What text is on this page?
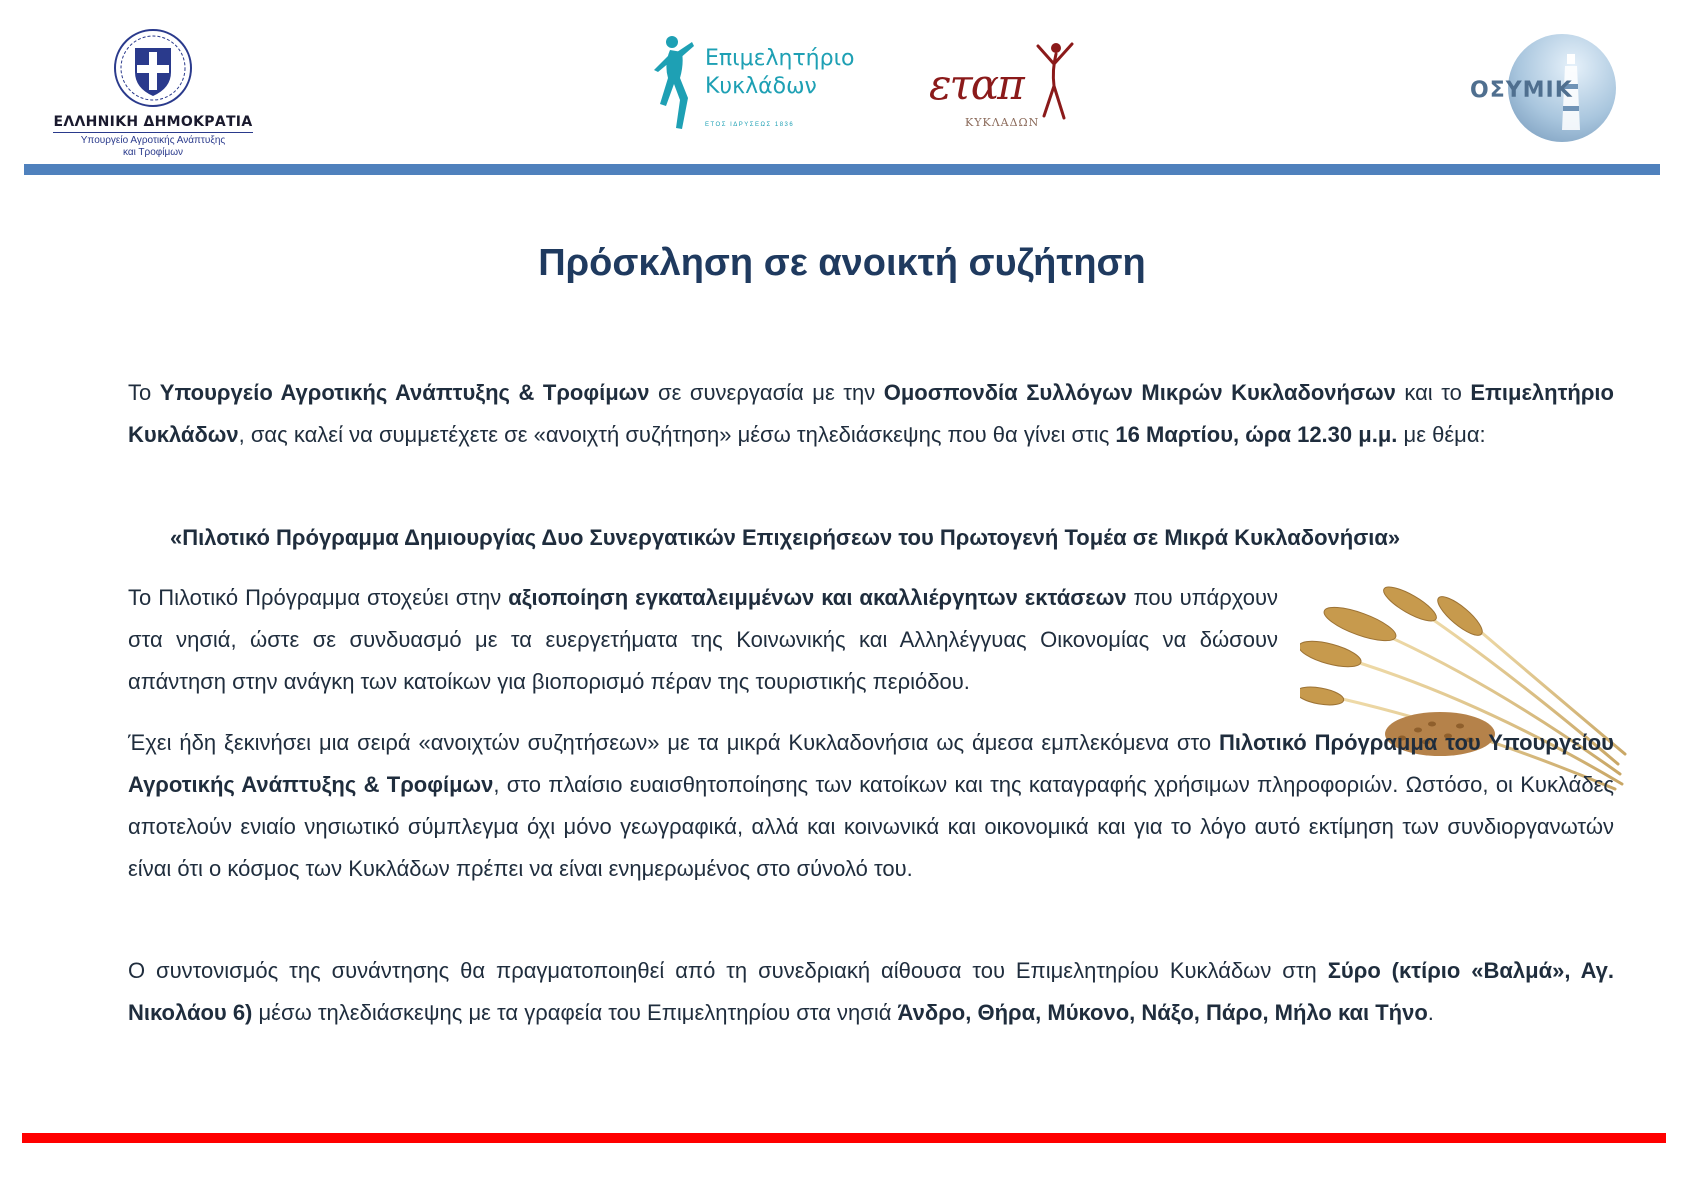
ΕΛΛΗΝΙΚΗ ΔΗΜΟΚΡΑΤΙΑ
Υπουργείο Αγροτικής Ανάπτυξης
και Τροφίμων
Επιμελητήριο
Κυκλάδων
ΕΤΟΣ ΙΔΡΥΣΕΩΣ 1836
εταπ
ΚΥΚΛΑΔΩΝ
ΟΣΥΜΙΚ
Πρόσκληση σε ανοικτή συζήτηση

Το Υπουργείο Αγροτικής Ανάπτυξης & Τροφίμων σε συνεργασία με την Ομοσπονδία Συλλόγων Μικρών Κυκλαδονήσων και το Επιμελητήριο Κυκλάδων, σας καλεί να συμμετέχετε σε «ανοιχτή συζήτηση» μέσω τηλεδιάσκεψης που θα γίνει στις 16 Μαρτίου, ώρα 12.30 μ.μ. με θέμα:

«Πιλοτικό Πρόγραμμα Δημιουργίας Δυο Συνεργατικών Επιχειρήσεων του Πρωτογενή Τομέα σε Μικρά Κυκλαδονήσια»

Το Πιλοτικό Πρόγραμμα στοχεύει στην αξιοποίηση εγκαταλειμμένων και ακαλλιέργητων εκτάσεων που υπάρχουν στα νησιά, ώστε σε συνδυασμό με τα ευεργετήματα της Κοινωνικής και Αλληλέγγυας Οικονομίας να δώσουν απάντηση στην ανάγκη των κατοίκων για βιοπορισμό πέραν της τουριστικής περιόδου.

Έχει ήδη ξεκινήσει μια σειρά «ανοιχτών συζητήσεων» με τα μικρά Κυκλαδονήσια ως άμεσα εμπλεκόμενα στο Πιλοτικό Πρόγραμμα του Υπουργείου Αγροτικής Ανάπτυξης & Τροφίμων, στο πλαίσιο ευαισθητοποίησης των κατοίκων και της καταγραφής χρήσιμων πληροφοριών. Ωστόσο, οι Κυκλάδες αποτελούν ενιαίο νησιωτικό σύμπλεγμα όχι μόνο γεωγραφικά, αλλά και κοινωνικά και οικονομικά και για το λόγο αυτό εκτίμηση των συνδιοργανωτών είναι ότι ο κόσμος των Κυκλάδων πρέπει να είναι ενημερωμένος στο σύνολό του.

Ο συντονισμός της συνάντησης θα πραγματοποιηθεί από τη συνεδριακή αίθουσα του Επιμελητηρίου Κυκλάδων στη Σύρο (κτίριο «Βαλμά», Αγ. Νικολάου 6) μέσω τηλεδιάσκεψης με τα γραφεία του Επιμελητηρίου στα νησιά Άνδρο, Θήρα, Μύκονο, Νάξο, Πάρο, Μήλο και Τήνο.
